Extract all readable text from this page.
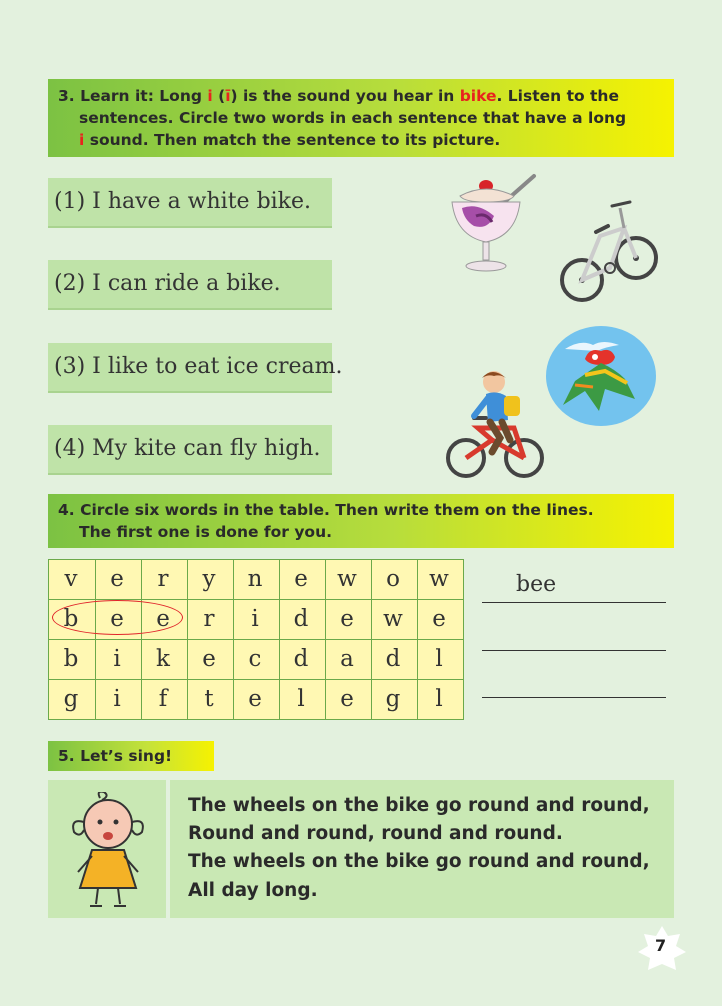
3. Learn it: Long i (ī) is the sound you hear in bike. Listen to the
sentences. Circle two words in each sentence that have a long
i sound. Then match the sentence to its picture.
(1) I have a white bike.
(2) I can ride a bike.
(3) I like to eat ice cream.
(4) My kite can fly high.
4. Circle six words in the table. Then write them on the lines.
The first one is done for you.
v	e	r	y	n	e	w	o	w
b	e	e	r	i	d	e	w	e
b	i	k	e	c	d	a	d	l
g	i	f	t	e	l	e	g	l
bee
5. Let’s sing!
The wheels on the bike go round and round,
Round and round, round and round.
The wheels on the bike go round and round,
All day long.
7
